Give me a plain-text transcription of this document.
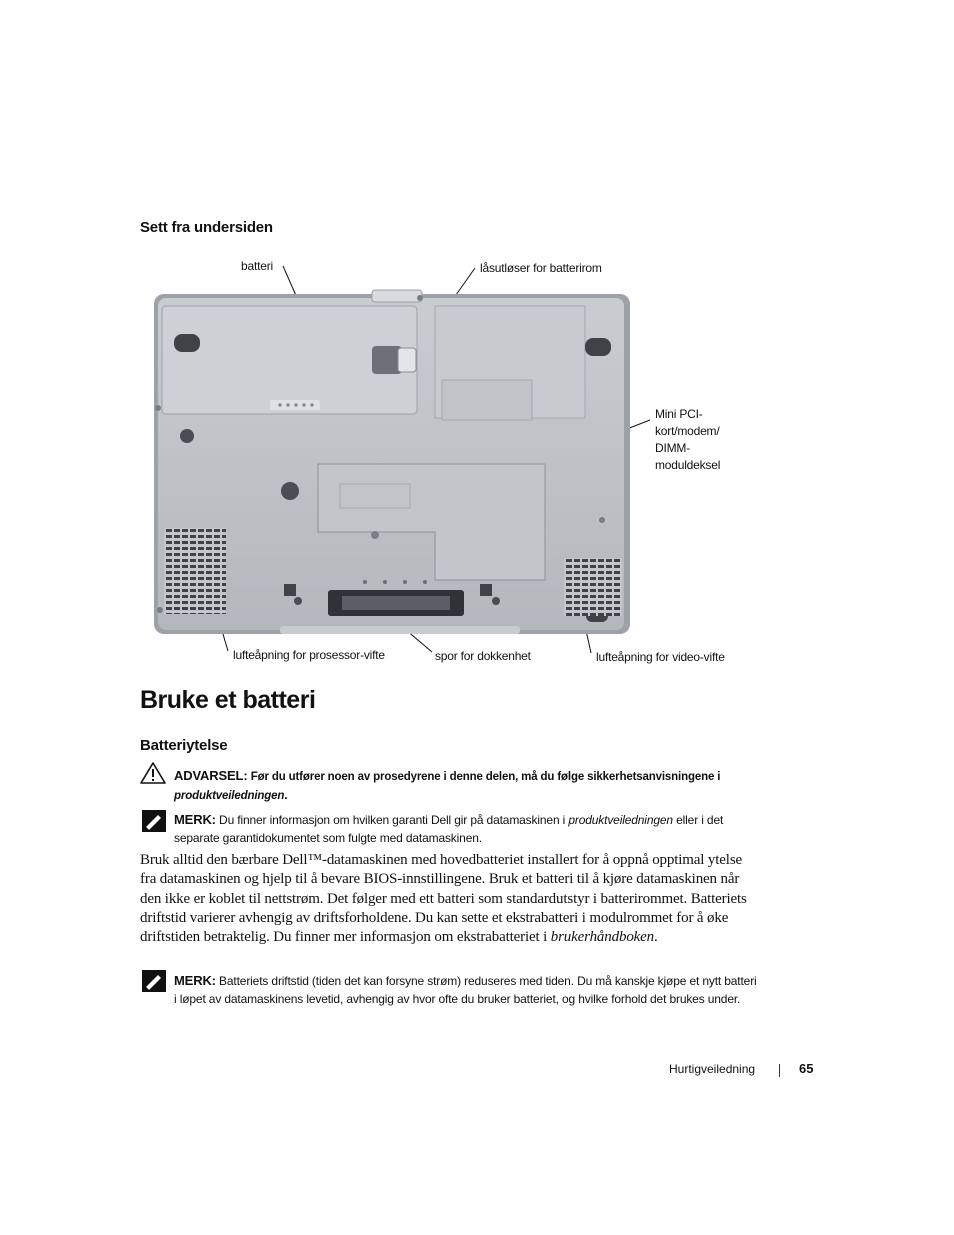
Sett fra undersiden
batteri	låsutløser for batterirom
Mini PCI-
kort/modem/
DIMM-
moduldeksel
lufteåpning for prosessor-vifte	spor for dokkenhet	lufteåpning for video-vifte
Bruke et batteri
Batteriytelse
ADVARSEL: Før du utfører noen av prosedyrene i denne delen, må du følge sikkerhetsanvisningene i
produktveiledningen.
MERK: Du finner informasjon om hvilken garanti Dell gir på datamaskinen i produktveiledningen eller i det separate garantidokumentet som fulgte med datamaskinen.
Bruk alltid den bærbare Dell™-datamaskinen med hovedbatteriet installert for å oppnå opptimal ytelse fra datamaskinen og hjelp til å bevare BIOS-innstillingene. Bruk et batteri til å kjøre datamaskinen når den ikke er koblet til nettstrøm. Det følger med ett batteri som standardutstyr i batterirommet. Batteriets driftstid varierer avhengig av driftsforholdene. Du kan sette et ekstrabatteri i modulrommet for å øke driftstiden betraktelig. Du finner mer informasjon om ekstrabatteriet i brukerhåndboken.
MERK: Batteriets driftstid (tiden det kan forsyne strøm) reduseres med tiden. Du må kanskje kjøpe et nytt batteri i løpet av datamaskinens levetid, avhengig av hvor ofte du bruker batteriet, og hvilke forhold det brukes under.
Hurtigveiledning	65
